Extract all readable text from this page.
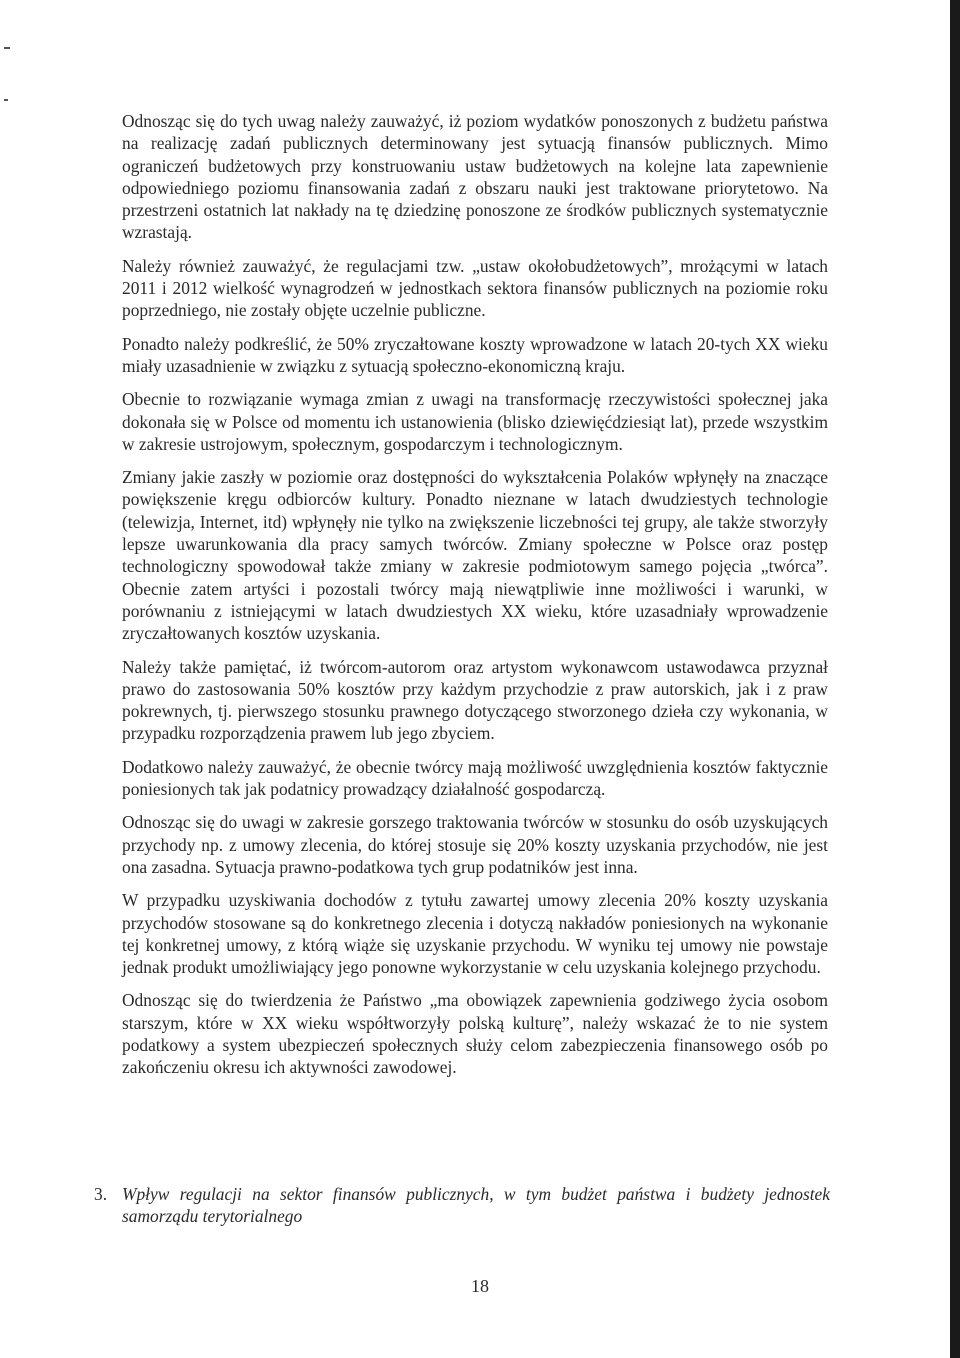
Odnosząc się do tych uwag należy zauważyć, iż poziom wydatków ponoszonych z budżetu państwa na realizację zadań publicznych determinowany jest sytuacją finansów publicznych. Mimo ograniczeń budżetowych przy konstruowaniu ustaw budżetowych na kolejne lata zapewnienie odpowiedniego poziomu finansowania zadań z obszaru nauki jest traktowane priorytetowo. Na przestrzeni ostatnich lat nakłady na tę dziedzinę ponoszone ze środków publicznych systematycznie wzrastają.

Należy również zauważyć, że regulacjami tzw. „ustaw okołobudżetowych”, mrożącymi w latach 2011 i 2012 wielkość wynagrodzeń w jednostkach sektora finansów publicznych na poziomie roku poprzedniego, nie zostały objęte uczelnie publiczne.

Ponadto należy podkreślić, że 50% zryczałtowane koszty wprowadzone w latach 20-tych XX wieku miały uzasadnienie w związku z sytuacją społeczno-ekonomiczną kraju.

Obecnie to rozwiązanie wymaga zmian z uwagi na transformację rzeczywistości społecznej jaka dokonała się w Polsce od momentu ich ustanowienia (blisko dziewięćdziesiąt lat), przede wszystkim w zakresie ustrojowym, społecznym, gospodarczym i technologicznym.

Zmiany jakie zaszły w poziomie oraz dostępności do wykształcenia Polaków wpłynęły na znaczące powiększenie kręgu odbiorców kultury. Ponadto nieznane w latach dwudziestych technologie (telewizja, Internet, itd) wpłynęły nie tylko na zwiększenie liczebności tej grupy, ale także stworzyły lepsze uwarunkowania dla pracy samych twórców. Zmiany społeczne w Polsce oraz postęp technologiczny spowodował także zmiany w zakresie podmiotowym samego pojęcia „twórca”. Obecnie zatem artyści i pozostali twórcy mają niewątpliwie inne możliwości i warunki, w porównaniu z istniejącymi w latach dwudziestych XX wieku, które uzasadniały wprowadzenie zryczałtowanych kosztów uzyskania.

Należy także pamiętać, iż twórcom-autorom oraz artystom wykonawcom ustawodawca przyznał prawo do zastosowania 50% kosztów przy każdym przychodzie z praw autorskich, jak i z praw pokrewnych, tj. pierwszego stosunku prawnego dotyczącego stworzonego dzieła czy wykonania, w przypadku rozporządzenia prawem lub jego zbyciem.

Dodatkowo należy zauważyć, że obecnie twórcy mają możliwość uwzględnienia kosztów faktycznie poniesionych tak jak podatnicy prowadzący działalność gospodarczą.

Odnosząc się do uwagi w zakresie gorszego traktowania twórców w stosunku do osób uzyskujących przychody np. z umowy zlecenia, do której stosuje się 20% koszty uzyskania przychodów, nie jest ona zasadna. Sytuacja prawno-podatkowa tych grup podatników jest inna.

W przypadku uzyskiwania dochodów z tytułu zawartej umowy zlecenia 20% koszty uzyskania przychodów stosowane są do konkretnego zlecenia i dotyczą nakładów poniesionych na wykonanie tej konkretnej umowy, z którą wiąże się uzyskanie przychodu. W wyniku tej umowy nie powstaje jednak produkt umożliwiający jego ponowne wykorzystanie w celu uzyskania kolejnego przychodu.

Odnosząc się do twierdzenia że Państwo „ma obowiązek zapewnienia godziwego życia osobom starszym, które w XX wieku współtworzyły polską kulturę”, należy wskazać że to nie system podatkowy a system ubezpieczeń społecznych służy celom zabezpieczenia finansowego osób po zakończeniu okresu ich aktywności zawodowej.

3. Wpływ regulacji na sektor finansów publicznych, w tym budżet państwa i budżety jednostek samorządu terytorialnego
18
